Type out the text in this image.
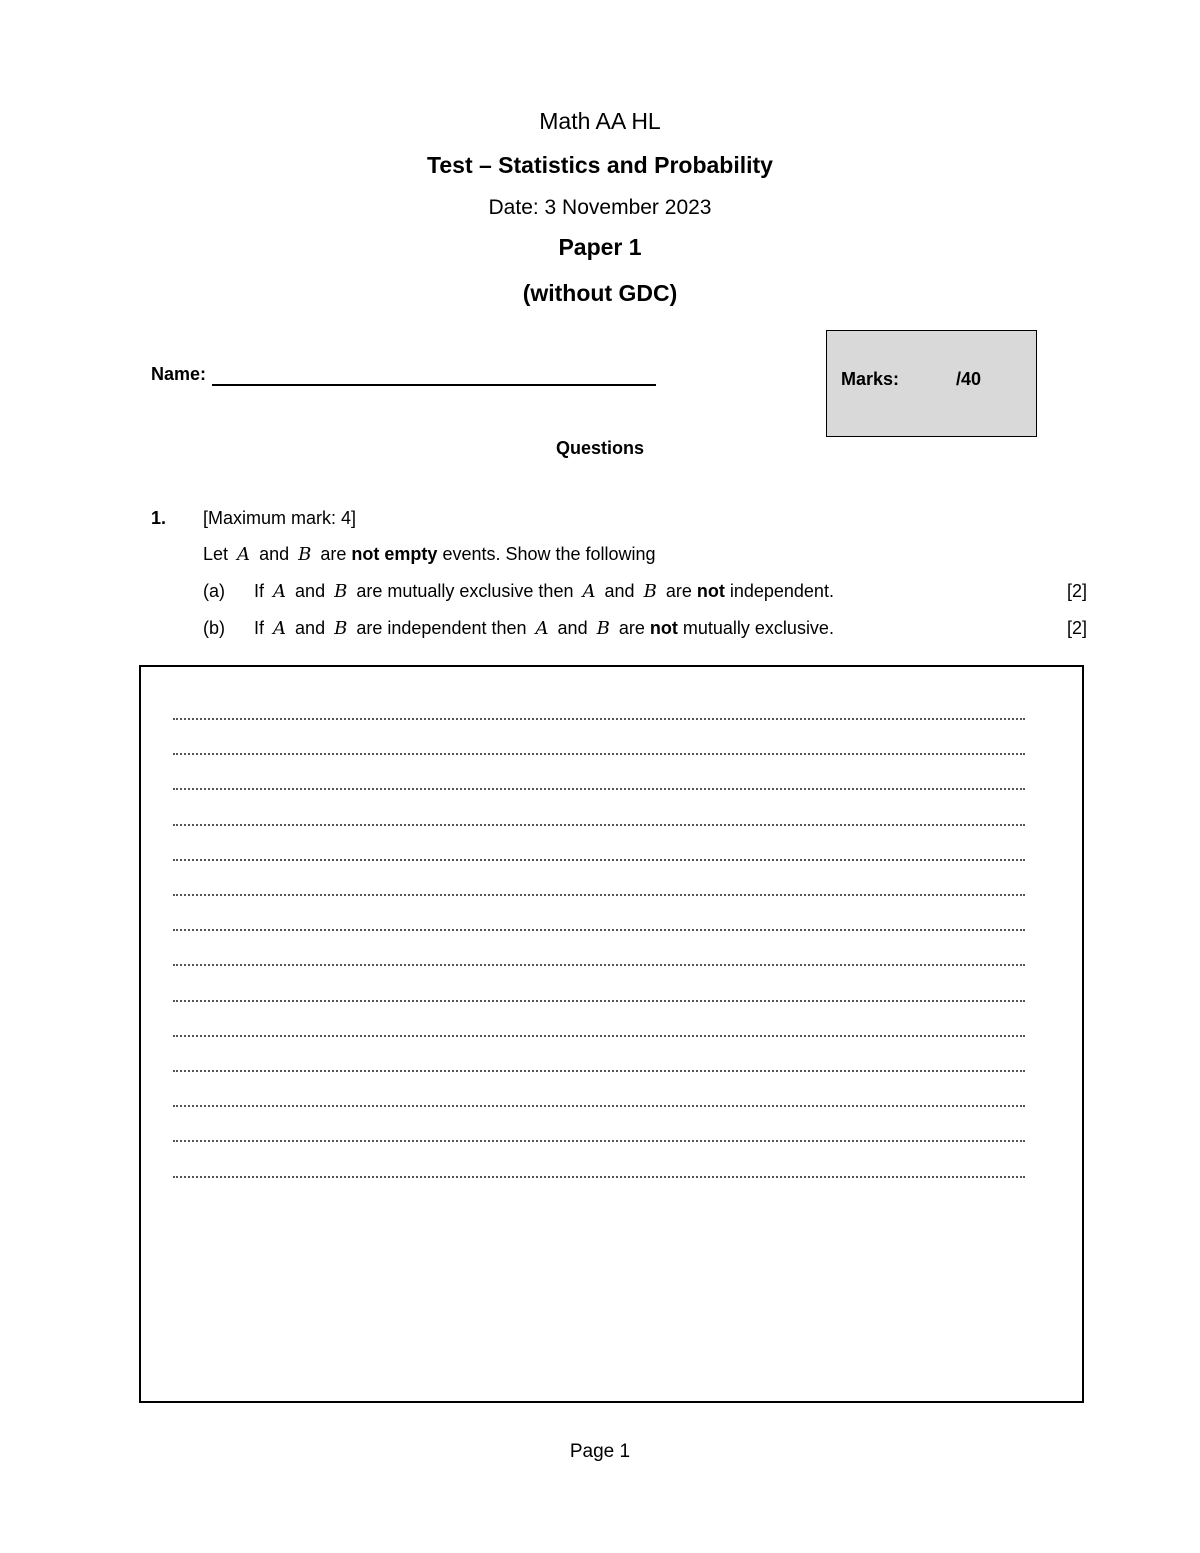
Math AA HL
Test – Statistics and Probability
Date: 3 November 2023
Paper 1
(without GDC)
Name:	Marks:	/40
Questions
1. [Maximum mark: 4]
Let A and B are not empty events. Show the following
(a) If A and B are mutually exclusive then A and B are not independent.	[2]
(b) If A and B are independent then A and B are not mutually exclusive.	[2]
Page 1
